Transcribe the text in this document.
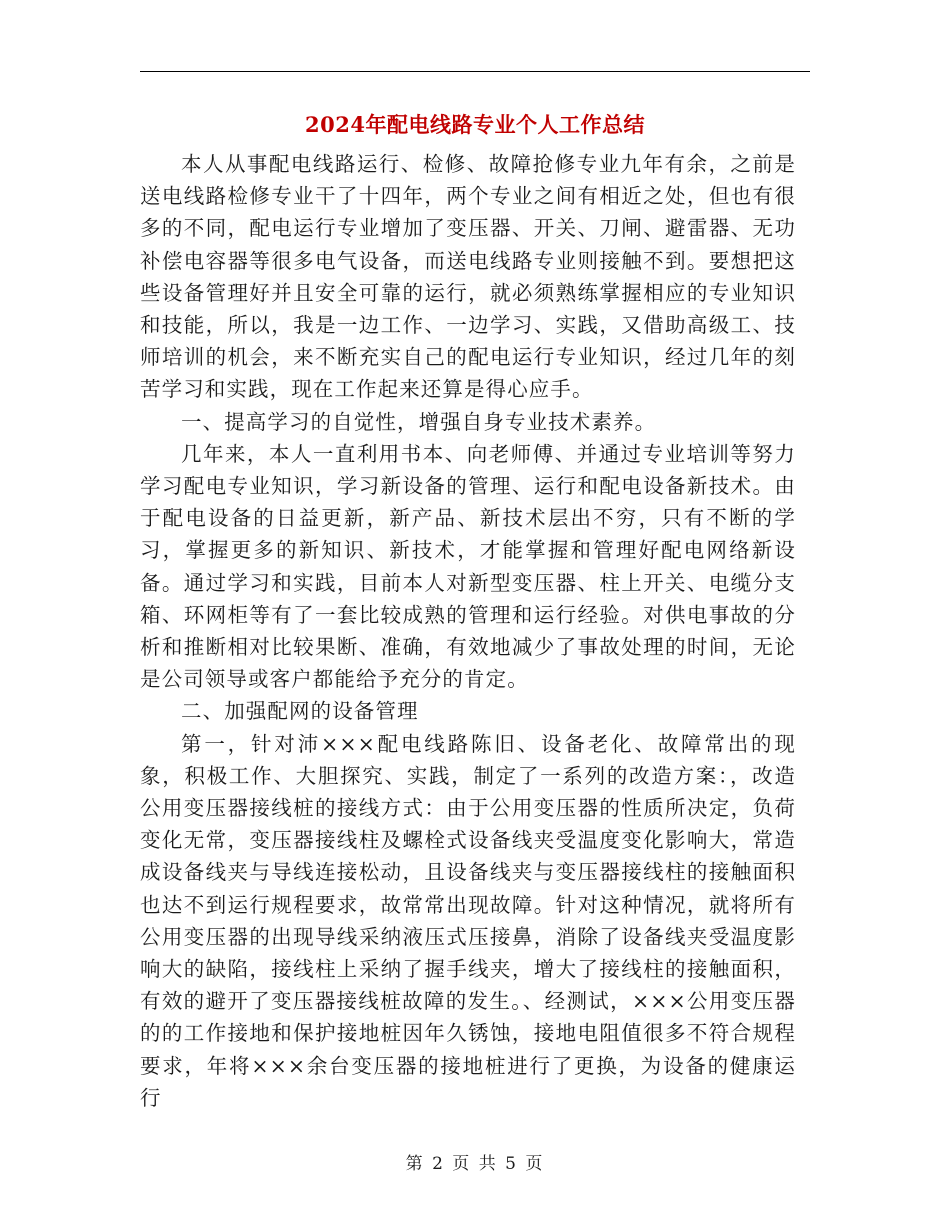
2024年配电线路专业个人工作总结

本人从事配电线路运行、检修、故障抢修专业九年有余，之前是送电线路检修专业干了十四年，两个专业之间有相近之处，但也有很多的不同，配电运行专业增加了变压器、开关、刀闸、避雷器、无功补偿电容器等很多电气设备，而送电线路专业则接触不到。要想把这些设备管理好并且安全可靠的运行，就必须熟练掌握相应的专业知识和技能，所以，我是一边工作、一边学习、实践，又借助高级工、技师培训的机会，来不断充实自己的配电运行专业知识，经过几年的刻苦学习和实践，现在工作起来还算是得心应手。

一、提高学习的自觉性，增强自身专业技术素养。

几年来，本人一直利用书本、向老师傅、并通过专业培训等努力学习配电专业知识，学习新设备的管理、运行和配电设备新技术。由于配电设备的日益更新，新产品、新技术层出不穷，只有不断的学习，掌握更多的新知识、新技术，才能掌握和管理好配电网络新设备。通过学习和实践，目前本人对新型变压器、柱上开关、电缆分支箱、环网柜等有了一套比较成熟的管理和运行经验。对供电事故的分析和推断相对比较果断、准确，有效地减少了事故处理的时间，无论是公司领导或客户都能给予充分的肯定。

二、加强配网的设备管理

第一，针对沛×××配电线路陈旧、设备老化、故障常出的现象，积极工作、大胆探究、实践，制定了一系列的改造方案：，改造公用变压器接线桩的接线方式：由于公用变压器的性质所决定，负荷变化无常，变压器接线柱及螺栓式设备线夹受温度变化影响大，常造成设备线夹与导线连接松动，且设备线夹与变压器接线柱的接触面积也达不到运行规程要求，故常常出现故障。针对这种情况，就将所有公用变压器的出现导线采纳液压式压接鼻，消除了设备线夹受温度影响大的缺陷，接线柱上采纳了握手线夹，增大了接线柱的接触面积，有效的避开了变压器接线桩故障的发生。、经测试，×××公用变压器的的工作接地和保护接地桩因年久锈蚀，接地电阻值很多不符合规程要求，年将×××余台变压器的接地桩进行了更换，为设备的健康运行

第 2 页 共 5 页
